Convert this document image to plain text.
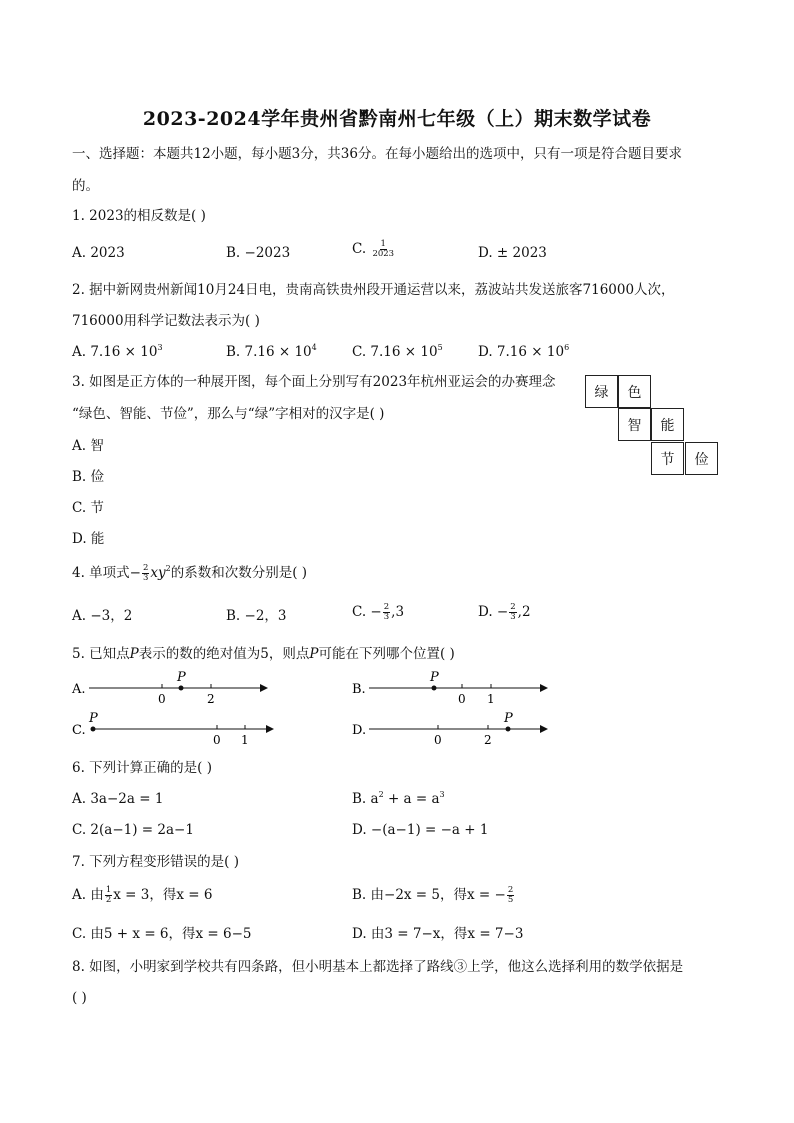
2023-2024学年贵州省黔南州七年级（上）期末数学试卷
一、选择题：本题共12小题，每小题3分，共36分。在每小题给出的选项中，只有一项是符合题目要求
的。
1. 2023的相反数是( )
A. 2023	B. −2023	C. $\frac{1}{2023}$	D. ± 2023
2. 据中新网贵州新闻10月24日电，贵南高铁贵州段开通运营以来，荔波站共发送旅客716000人次，
716000用科学记数法表示为( )
A. $7.16 \times 10^3$	B. $7.16 \times 10^4$	C. $7.16 \times 10^5$	D. $7.16 \times 10^6$
3. 如图是正方体的一种展开图，每个面上分别写有2023年杭州亚运会的办赛理念
“绿色、智能、节俭”，那么与“绿”字相对的汉字是( )
A. 智
B. 俭
C. 节
D. 能
绿	色
智	能
节	俭
4. 单项式− $\frac{2}{3} xy^2$的系数和次数分别是( )
A. −3，2	B. −2，3	C. − $\frac{2}{3} ,3$	D. − $\frac{2}{3} ,2$
5. 已知点P表示的数的绝对值为5，则点P可能在下列哪个位置( )
A.
P
0	2
B.
P
0 1
C.
P
0 1
D.
P
0	2
6. 下列计算正确的是( )
A. 3a−2a = 1	B. $a^2 + a = a^3$
C. 2(a−1) = 2a−1	D. −(a−1) = −a + 1
7. 下列方程变形错误的是( )
A. 由 $\frac{1}{2}$ x = 3，得x = 6	B. 由−2x = 5，得x = − $\frac{2}{5}$
C. 由5 + x = 6，得x = 6−5	D. 由3 = 7−x，得x = 7−3
8. 如图，小明家到学校共有四条路，但小明基本上都选择了路线③上学，他这么选择利用的数学依据是
( )
